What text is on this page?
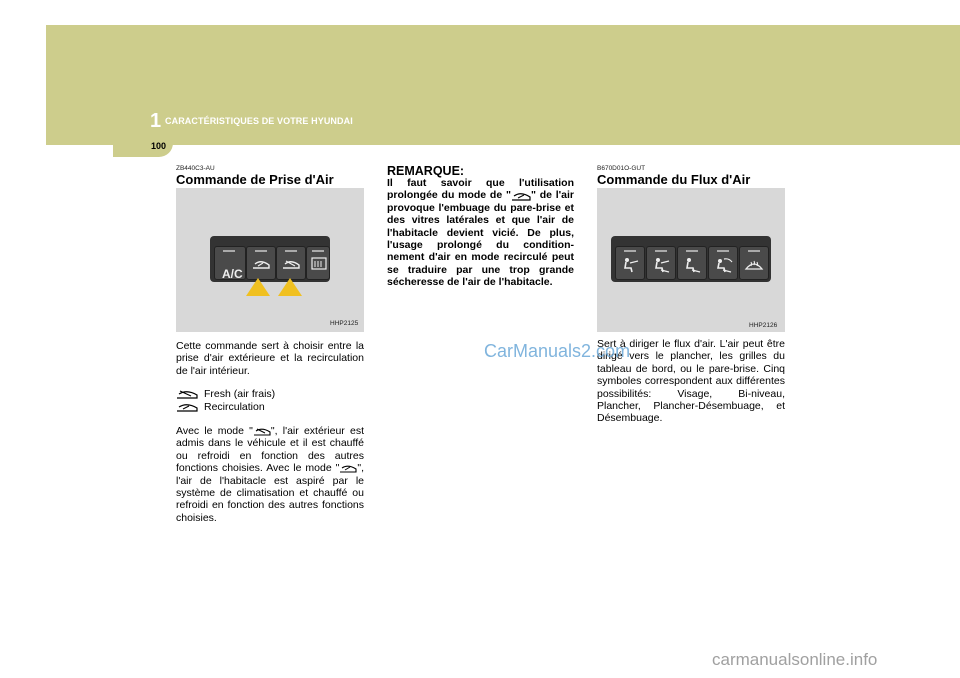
1 CARACTÉRISTIQUES DE VOTRE HYUNDAI
100
ZB440C3-AU
Commande de Prise d'Air
A/C
HHP2125
Cette commande sert à choisir entre la prise d'air extérieure et la recirculation de l'air intérieur.
Fresh (air frais)
Recirculation
Avec le mode " ", l'air extérieur est admis dans le véhicule et il est chauffé ou refroidi en fonction des autres fonctions choisies. Avec le mode " ", l'air de l'habitacle est aspiré par le système de climatisation et chauffé ou refroidi en fonction des autres fonctions choisies.
REMARQUE:
Il faut savoir que l'utilisation prolongée du mode de " " de l'air provoque l'embuage du pare-brise et des vitres latérales et que l'air de l'habitacle devient vicié. De plus, l'usage prolongé du condition-nement d'air en mode recirculé peut se traduire par une trop grande sécheresse de l'air de l'habitacle.
B670D01O-GUT
Commande du Flux d'Air
HHP2126
Sert à diriger le flux d'air. L'air peut être dirigé vers le plancher, les grilles du tableau de bord, ou le pare-brise. Cinq symboles correspondent aux différentes possibilités: Visage, Bi-niveau, Plancher, Plancher-Désembuage, et Désembuage.
CarManuals2.com
carmanualsonline.info
